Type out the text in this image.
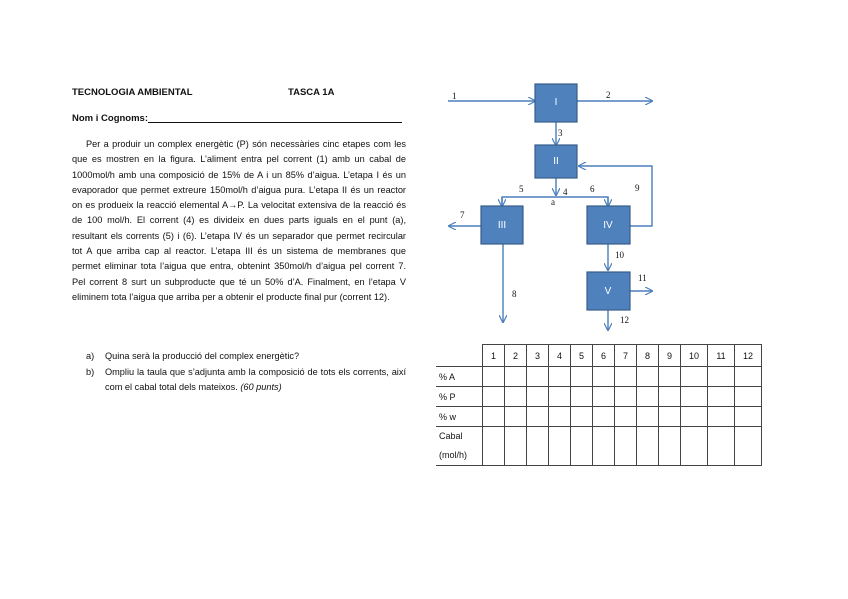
TECNOLOGIA AMBIENTAL	TASCA 1A
Nom i Cognoms:

Per a produir un complex energètic (P) són necessàries cinc etapes com les que es mostren en la figura. L’aliment entra pel corrent (1) amb un cabal de 1000mol/h amb una composició de 15% de A i un 85% d’aigua. L’etapa I és un evaporador que permet extreure 150mol/h d’aigua pura. L’etapa II és un reactor on es produeix la reacció elemental A→P. La velocitat extensiva de la reacció és de 100 mol/h. El corrent (4) es divideix en dues parts iguals en el punt (a), resultant els corrents (5) i (6). L’etapa IV és un separador que permet recircular tot A que arriba cap al reactor. L’etapa III és un sistema de membranes que permet eliminar tota l’aigua que entra, obtenint 350mol/h d’aigua pel corrent 7. Pel corrent 8 surt un subproducte que té un 50% d’A. Finalment, en l’etapa V eliminem tota l’aigua que arriba per a obtenir el producte final pur (corrent 12).

a) Quina serà la producció del complex energètic?
b) Ompliu la taula que s’adjunta amb la composició de tots els corrents, així com el cabal total dels mateixos. (60 punts)
I
II
III	IV
V
1	2
3
4
5	6
7
8
9
10
11
12
a
	1	2	3	4	5	6	7	8	9	10	11	12
% A												
% P												
% w												

Cabal
(mol/h)												
